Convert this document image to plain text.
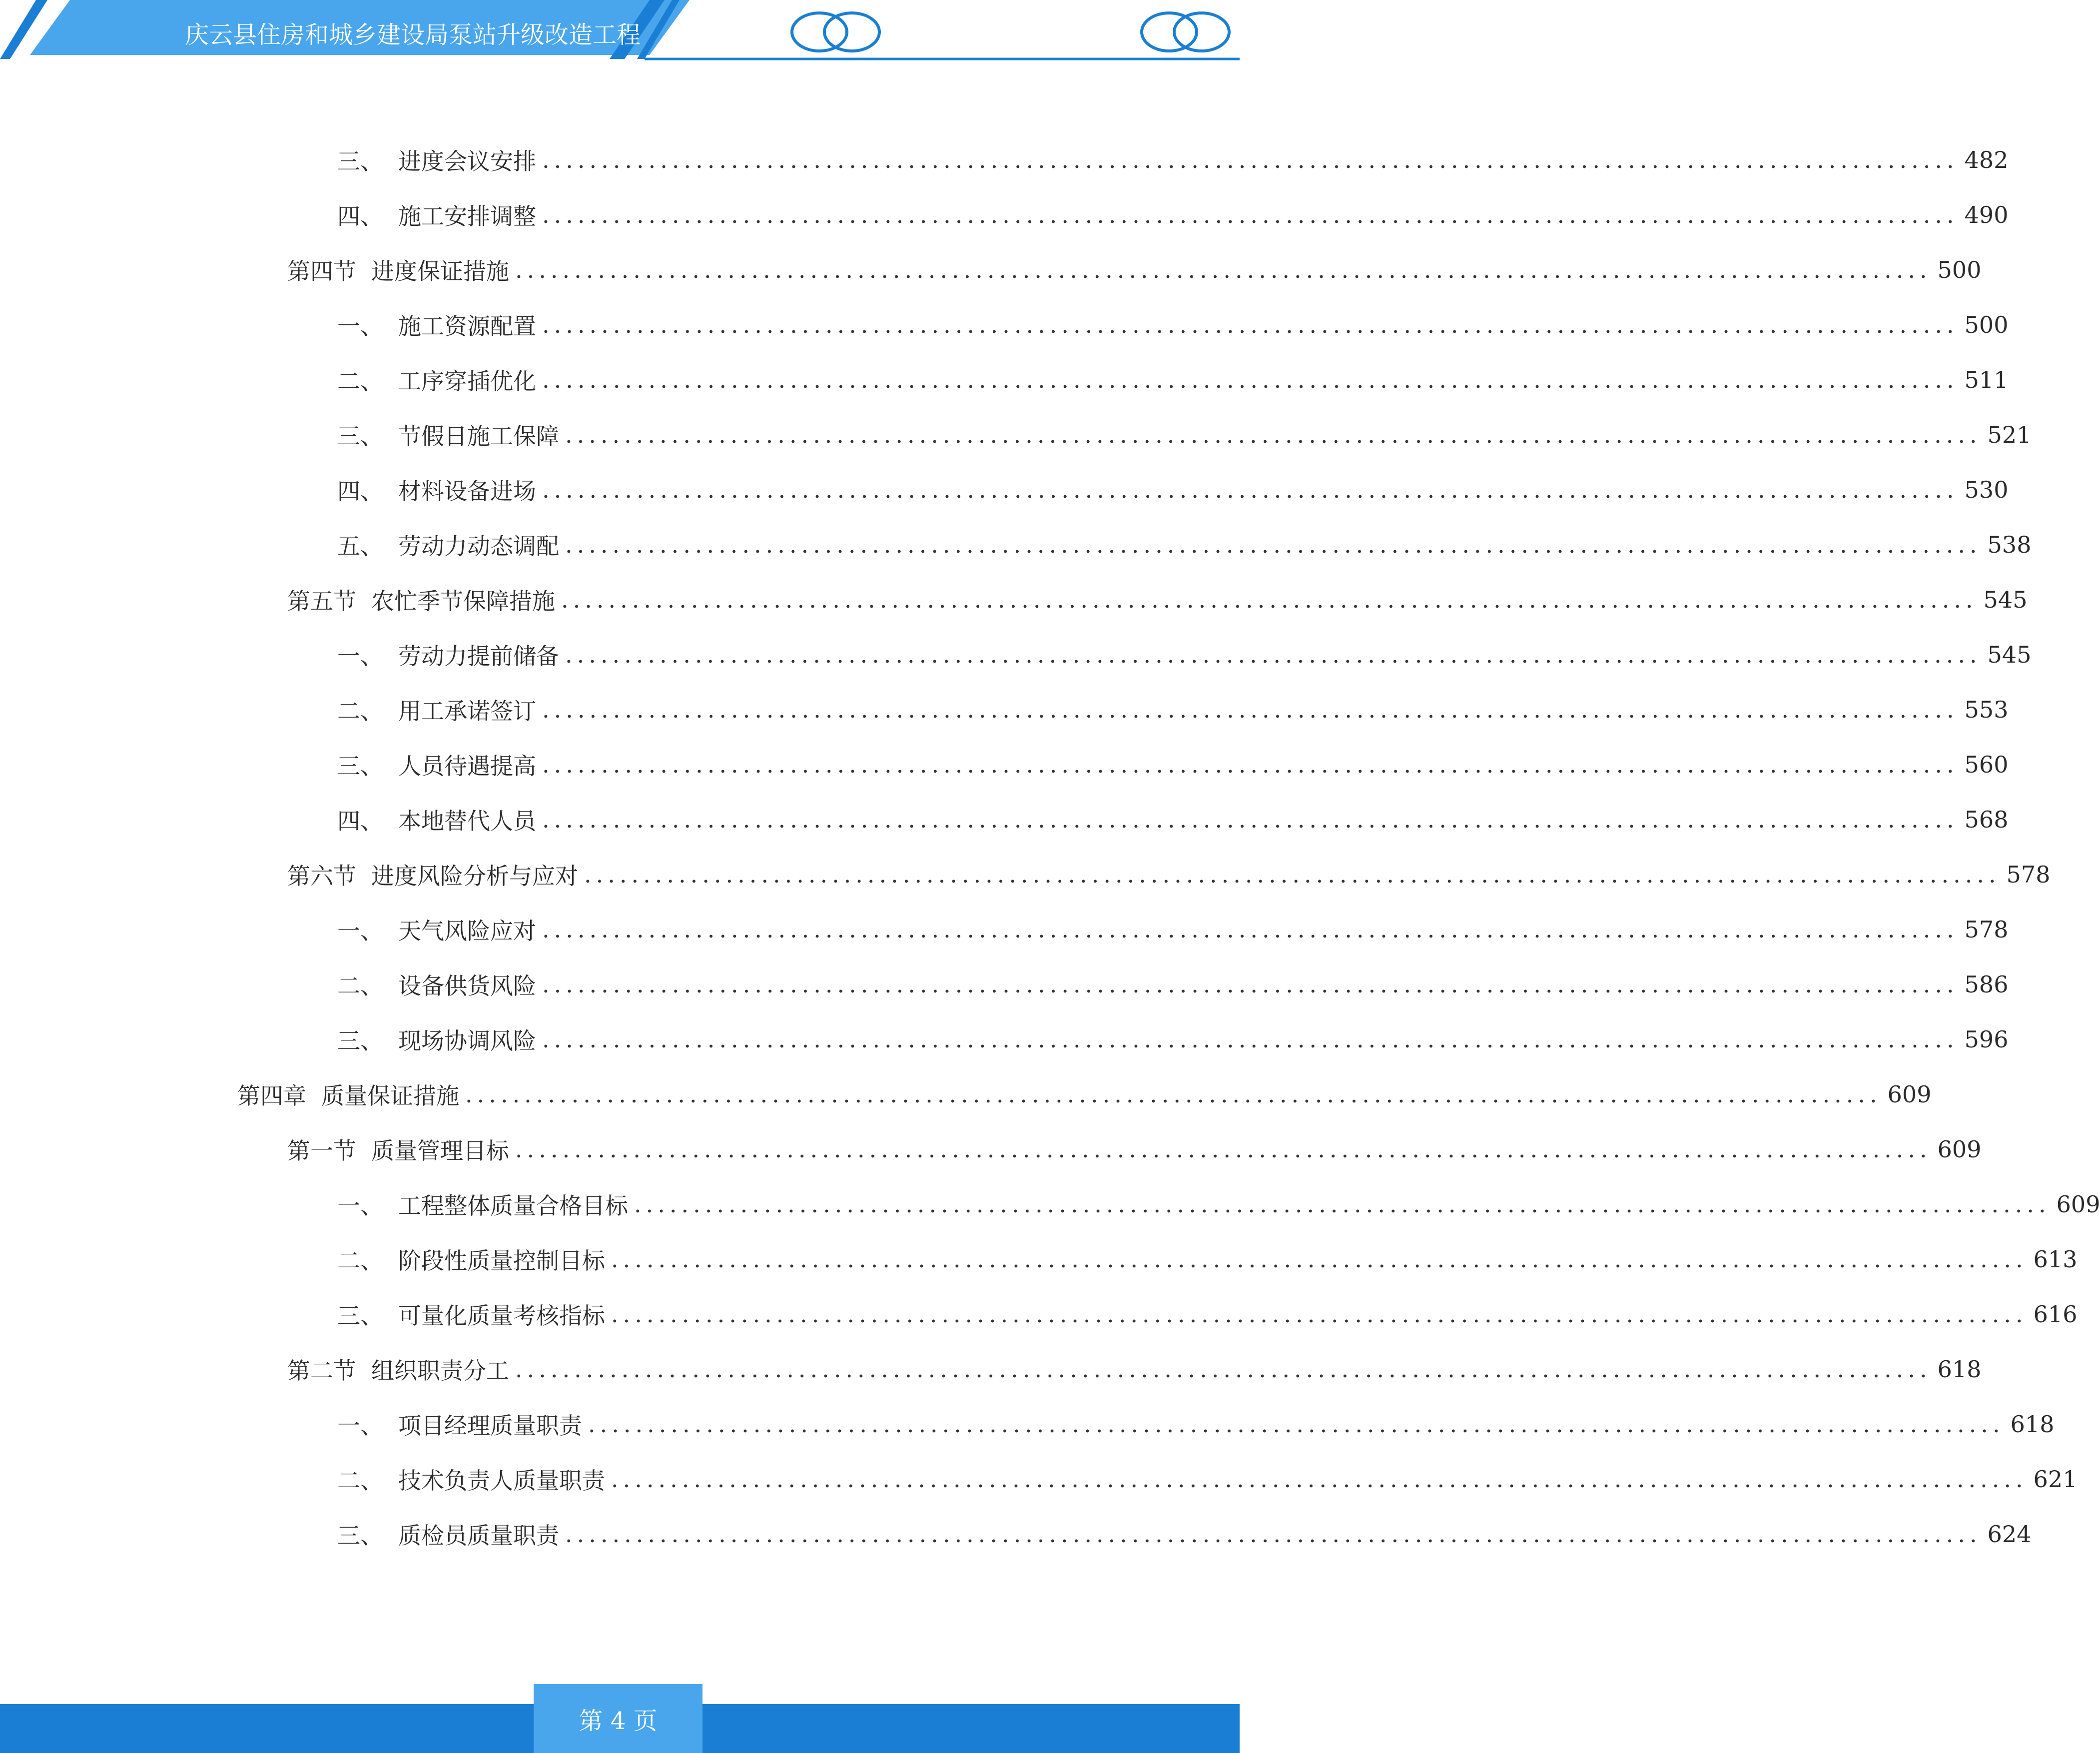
庆云县住房和城乡建设局泵站升级改造工程
三、 进度会议安排 ........................................................................................................................ 482
四、 施工安排调整 ........................................................................................................................ 490
第四节 进度保证措施 ........................................................................................................................ 500
一、 施工资源配置 ........................................................................................................................ 500
二、 工序穿插优化 ........................................................................................................................ 511
三、 节假日施工保障 ........................................................................................................................ 521
四、 材料设备进场 ........................................................................................................................ 530
五、 劳动力动态调配 ........................................................................................................................ 538
第五节 农忙季节保障措施 ........................................................................................................................ 545
一、 劳动力提前储备 ........................................................................................................................ 545
二、 用工承诺签订 ........................................................................................................................ 553
三、 人员待遇提高 ........................................................................................................................ 560
四、 本地替代人员 ........................................................................................................................ 568
第六节 进度风险分析与应对 ........................................................................................................................ 578
一、 天气风险应对 ........................................................................................................................ 578
二、 设备供货风险 ........................................................................................................................ 586
三、 现场协调风险 ........................................................................................................................ 596
第四章 质量保证措施 ........................................................................................................................ 609
第一节 质量管理目标 ........................................................................................................................ 609
一、 工程整体质量合格目标 ........................................................................................................................ 609
二、 阶段性质量控制目标 ........................................................................................................................ 613
三、 可量化质量考核指标 ........................................................................................................................ 616
第二节 组织职责分工 ........................................................................................................................ 618
一、 项目经理质量职责 ........................................................................................................................ 618
二、 技术负责人质量职责 ........................................................................................................................ 621
三、 质检员质量职责 ........................................................................................................................ 624
第 4 页
